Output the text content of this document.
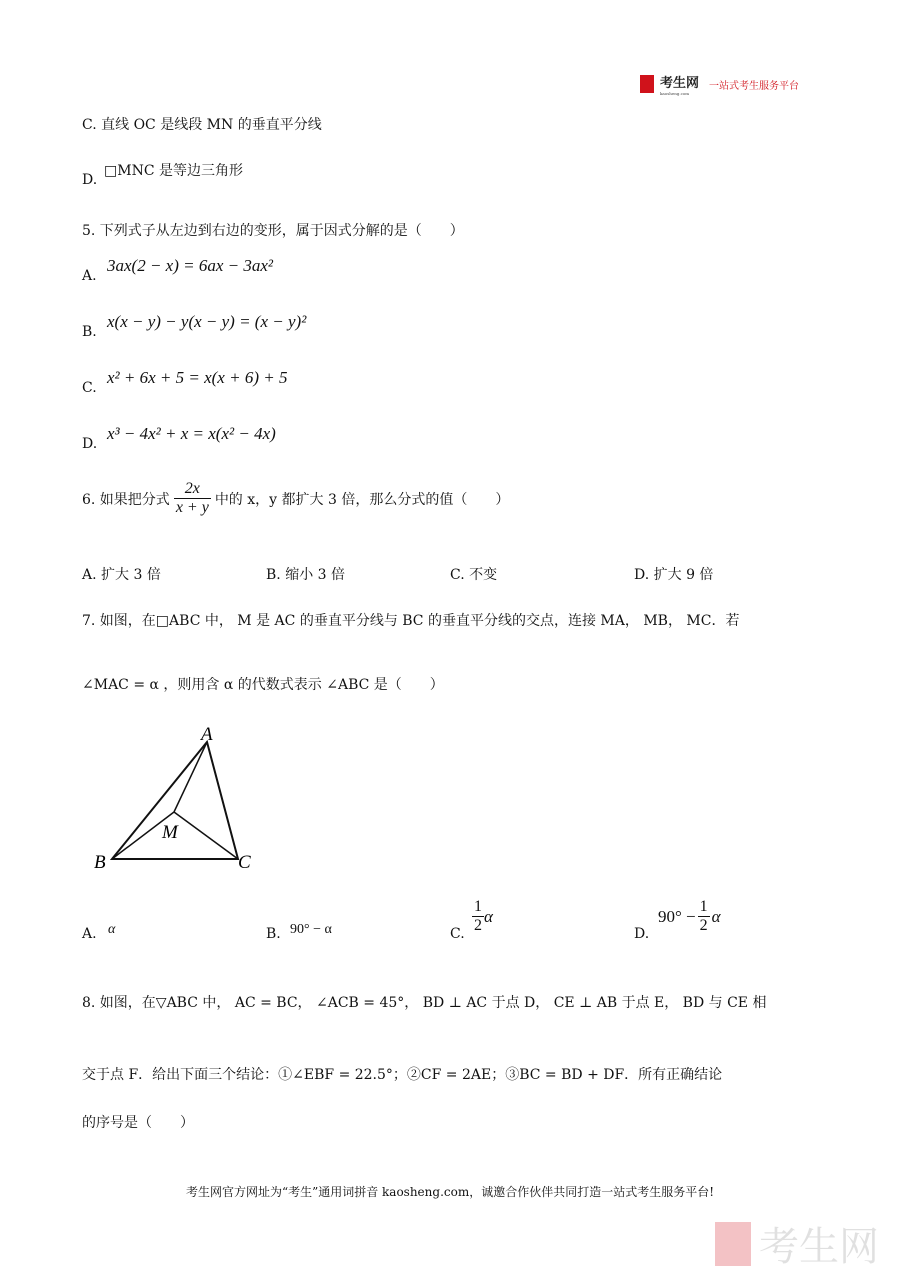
考生网
kaosheng.com
一站式考生服务平台
C. 直线 OC 是线段 MN 的垂直平分线
D.
□MNC 是等边三角形
5. 下列式子从左边到右边的变形，属于因式分解的是（　　）
A.
3ax(2 − x) = 6ax − 3ax²
B.
x(x − y) − y(x − y) = (x − y)²
C.
x² + 6x + 5 = x(x + 6) + 5
D.
x³ − 4x² + x = x(x² − 4x)
6. 如果把分式 $\frac{2x}{x + y}$ 中的 x，y 都扩大 3 倍，那么分式的值（　　）
A. 扩大 3 倍	B. 缩小 3 倍	C. 不变	D. 扩大 9 倍
7. 如图，在□ABC 中， M 是 AC 的垂直平分线与 BC 的垂直平分线的交点，连接 MA， MB， MC．若
∠MAC = α ，则用含 α 的代数式表示 ∠ABC 是（　　）
A
B	C
M
A. α	B. 90° − α	C. $\frac{1}{2}$ α
D.
$90^\circ - \frac{1}{2}$ α
8. 如图，在▽ABC 中， AC = BC， ∠ACB = 45°， BD ⊥ AC 于点 D， CE ⊥ AB 于点 E， BD 与 CE 相
交于点 F．给出下面三个结论：①∠EBF = 22.5°；②CF = 2AE；③BC = BD + DF．所有正确结论
的序号是（　　）
考生网官方网址为“考生”通用词拼音 kaosheng.com，诚邀合作伙伴共同打造一站式考生服务平台!
考生网
